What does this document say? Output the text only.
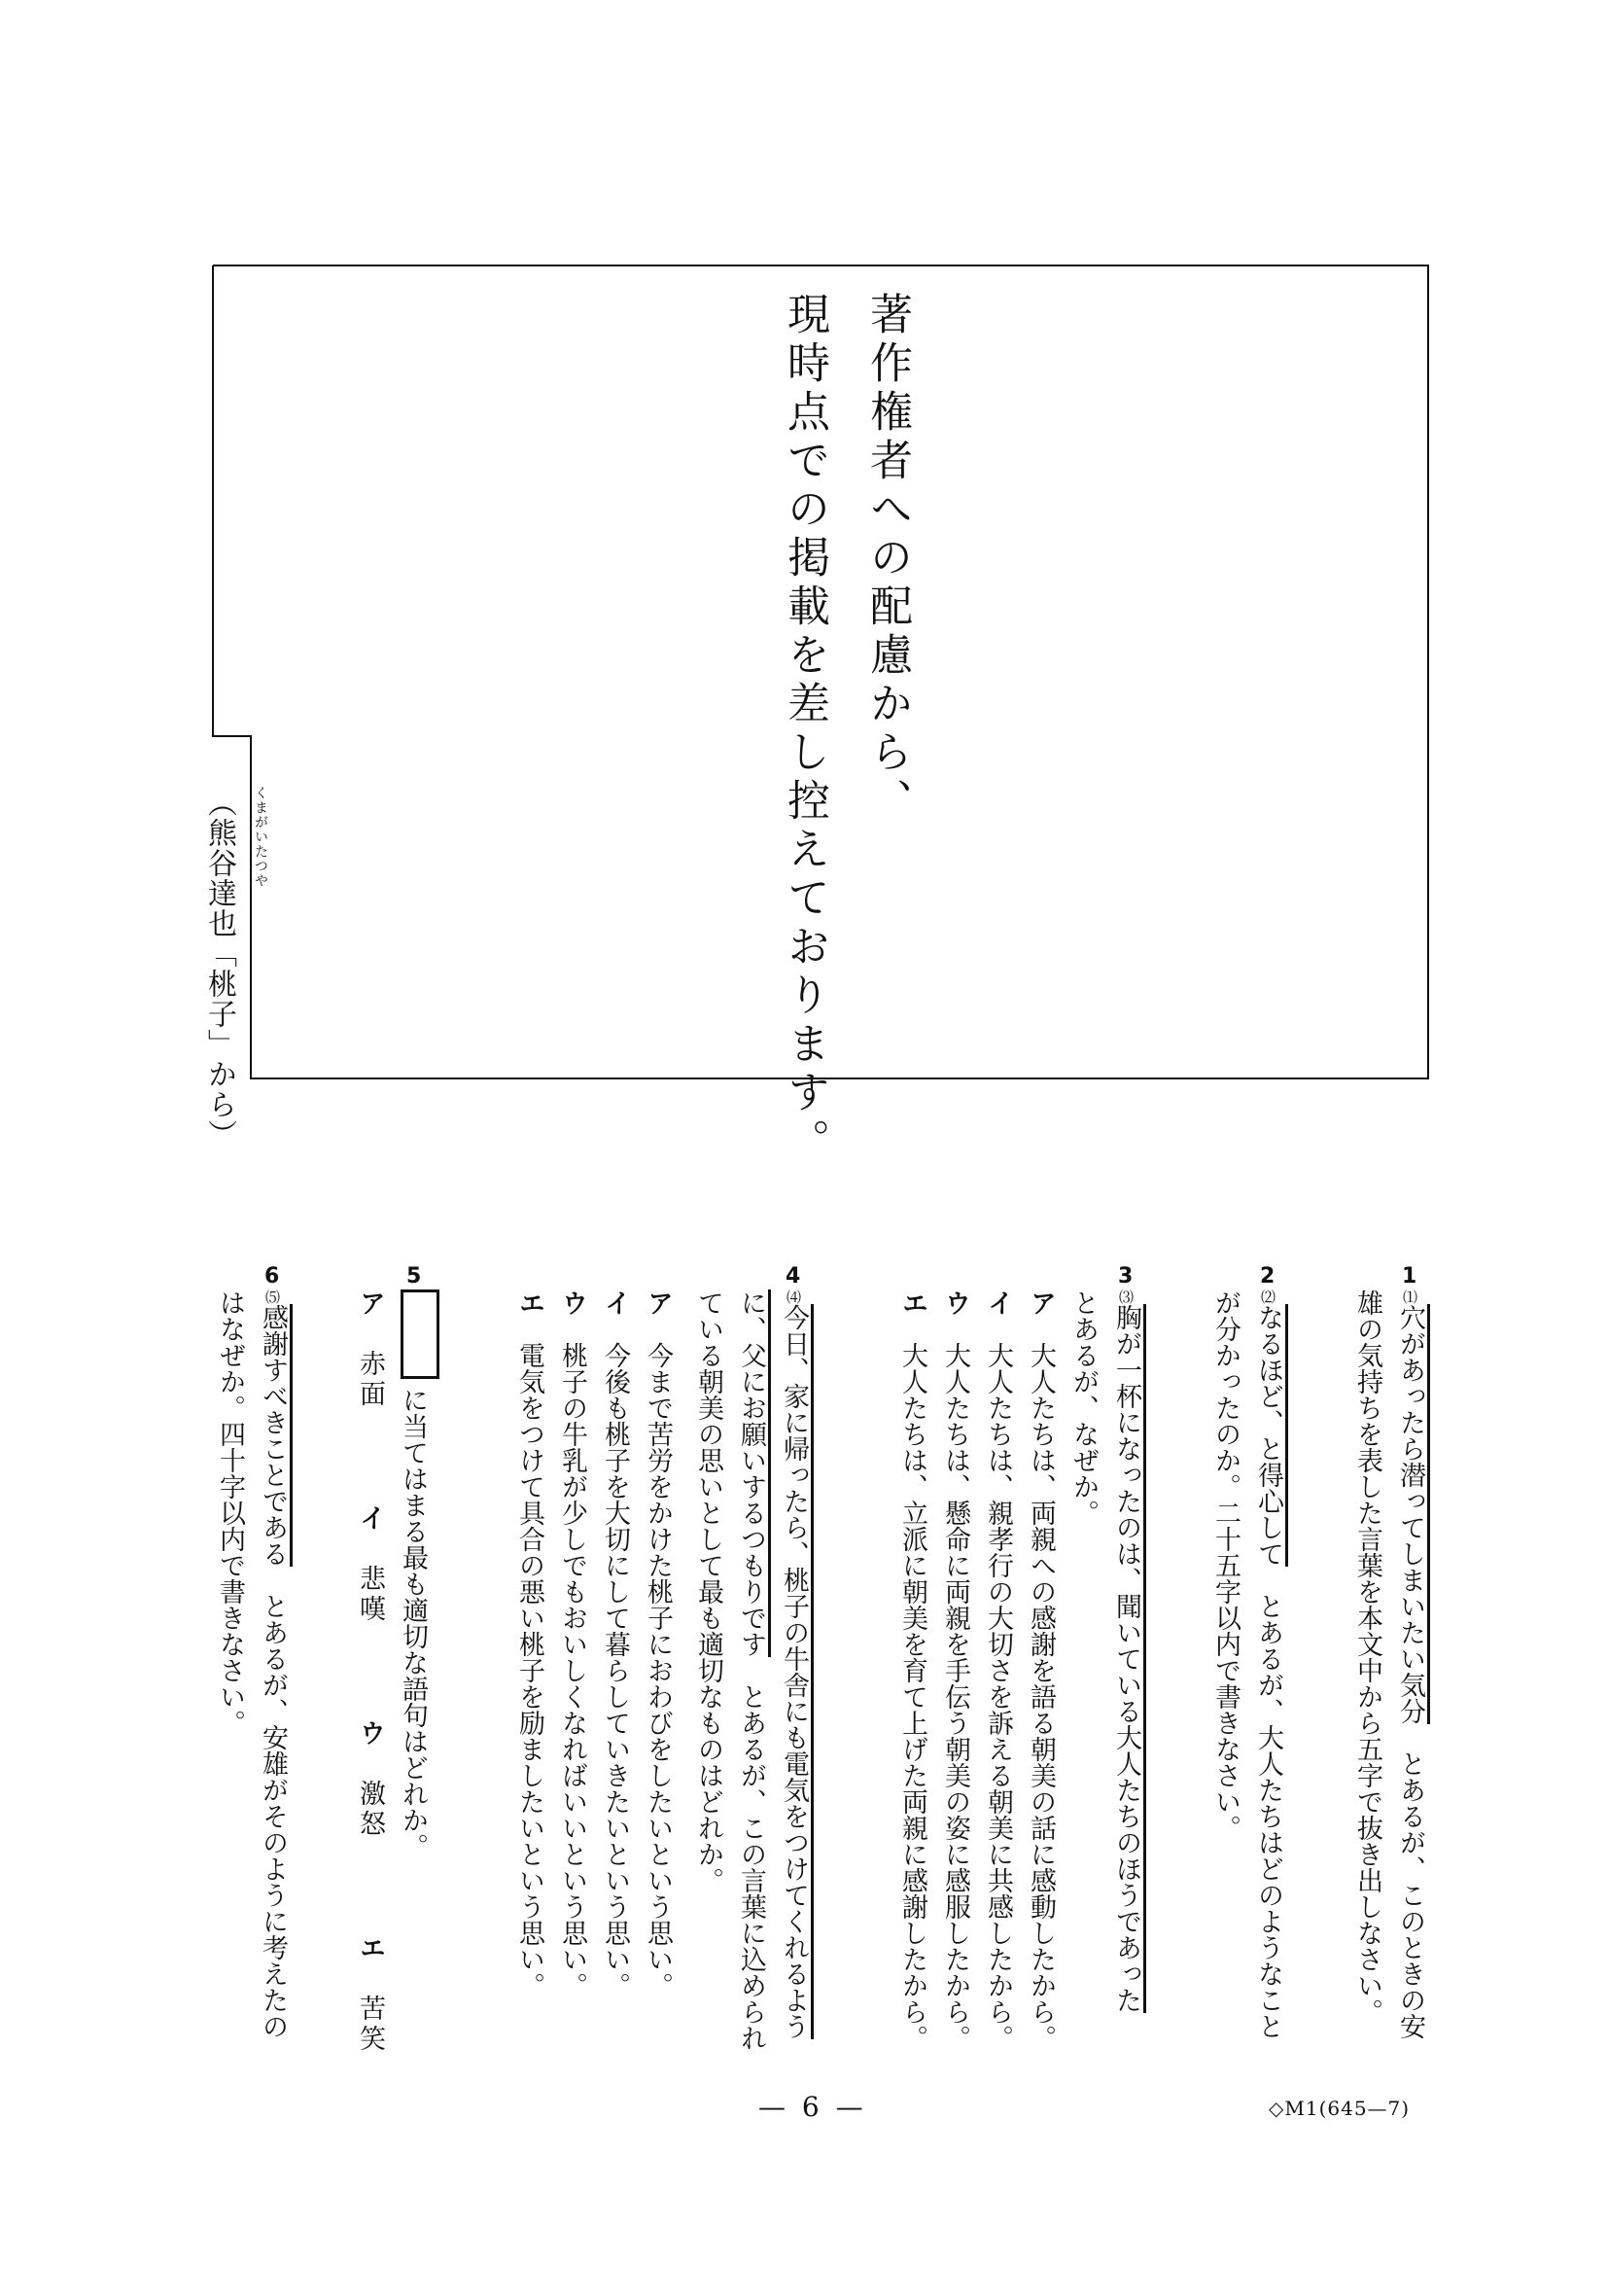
著作権者への配慮から、
現時点での掲載を差し控えております。
（熊谷達也「桃子」から） くまがいたつや
1
⑴穴があったら潜ってしまいたい気分　とあるが、このときの安
雄の気持ちを表した言葉を本文中から五字で抜き出しなさい。
2
⑵なるほど、と得心して　とあるが、大人たちはどのようなこと
が分かったのか。二十五字以内で書きなさい。
3
⑶胸が一杯になったのは、聞いている大人たちのほうであった
とあるが、なぜか。
ア　大人たちは、両親への感謝を語る朝美の話に感動したから。
イ　大人たちは、親孝行の大切さを訴える朝美に共感したから。
ウ　大人たちは、懸命に両親を手伝う朝美の姿に感服したから。
エ　大人たちは、立派に朝美を育て上げた両親に感謝したから。
4
⑷今日、家に帰ったら、桃子の牛舎にも電気をつけてくれるよう
に、父にお願いするつもりです　とあるが、この言葉に込められ
ている朝美の思いとして最も適切なものはどれか。
ア　今まで苦労をかけた桃子におわびをしたいという思い。
イ　今後も桃子を大切にして暮らしていきたいという思い。
ウ　桃子の牛乳が少しでもおいしくなればいいという思い。
エ　電気をつけて具合の悪い桃子を励ましたいという思い。
5
に当てはまる最も適切な語句はどれか。
ア　赤面　　 イ　悲嘆　　 ウ　激怒　　 エ　苦笑
6
⑸感謝すべきことである　とあるが、安雄がそのように考えたの
はなぜか。四十字以内で書きなさい。
— 6 —	◇M1(645—7)
